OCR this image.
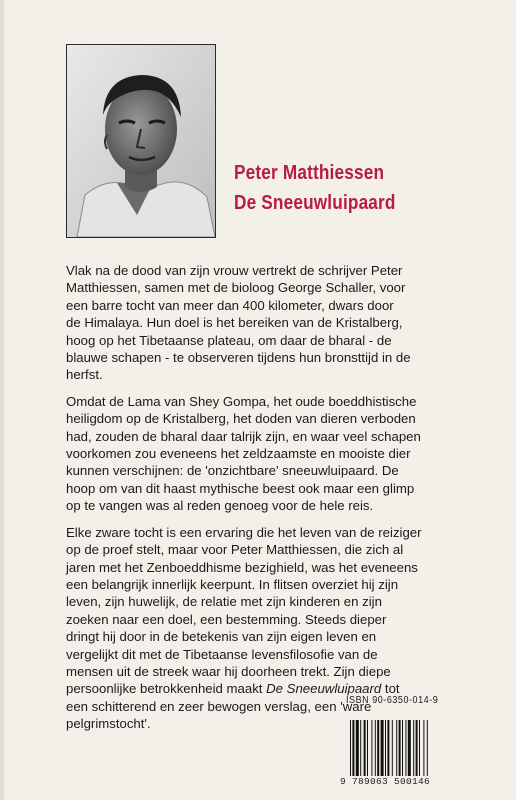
Peter Matthiessen
De Sneeuwluipaard

Vlak na de dood van zijn vrouw vertrekt de schrijver Peter
Matthiessen, samen met de bioloog George Schaller, voor
een barre tocht van meer dan 400 kilometer, dwars door
de Himalaya. Hun doel is het bereiken van de Kristalberg,
hoog op het Tibetaanse plateau, om daar de bharal - de
blauwe schapen - te observeren tijdens hun bronsttijd in de
herfst.

Omdat de Lama van Shey Gompa, het oude boeddhistische
heiligdom op de Kristalberg, het doden van dieren verboden
had, zouden de bharal daar talrijk zijn, en waar veel schapen
voorkomen zou eveneens het zeldzaamste en mooiste dier
kunnen verschijnen: de 'onzichtbare' sneeuwluipaard. De
hoop om van dit haast mythische beest ook maar een glimp
op te vangen was al reden genoeg voor de hele reis.

Elke zware tocht is een ervaring die het leven van de reiziger
op de proef stelt, maar voor Peter Matthiessen, die zich al
jaren met het Zenboeddhisme bezighield, was het eveneens
een belangrijk innerlijk keerpunt. In flitsen overziet hij zijn
leven, zijn huwelijk, de relatie met zijn kinderen en zijn
zoeken naar een doel, een bestemming. Steeds dieper
dringt hij door in de betekenis van zijn eigen leven en
vergelijkt dit met de Tibetaanse levensfilosofie van de
mensen uit de streek waar hij doorheen trekt. Zijn diepe
persoonlijke betrokkenheid maakt De Sneeuwluipaard tot
een schitterend en zeer bewogen verslag, een 'ware
pelgrimstocht'.

ISBN 90-6350-014-9
9 789063 500146
